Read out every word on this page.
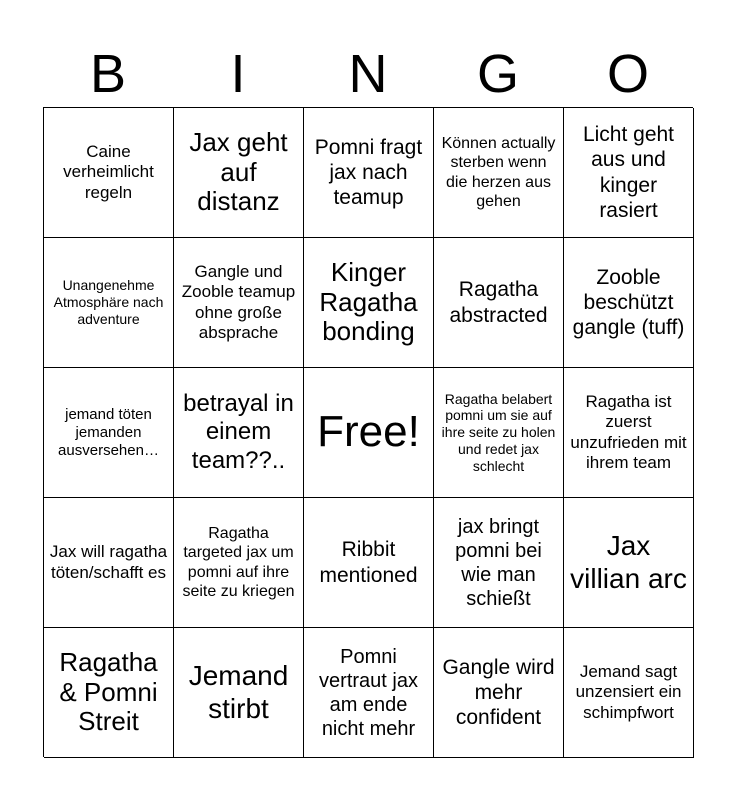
B	I	N	G	O
Caine verheimlicht regeln
Jax geht auf distanz
Pomni fragt jax nach teamup
Können actually sterben wenn die herzen aus gehen
Licht geht aus und kinger rasiert
Unangenehme Atmosphäre nach adventure
Gangle und Zooble teamup ohne große absprache
Kinger Ragatha bonding
Ragatha abstracted
Zooble beschützt gangle (tuff)
jemand töten jemanden ausversehen…
betrayal in einem team??..
Free!
Ragatha belabert pomni um sie auf ihre seite zu holen und redet jax schlecht
Ragatha ist zuerst unzufrieden mit ihrem team
Jax will ragatha töten/schafft es
Ragatha targeted jax um pomni auf ihre seite zu kriegen
Ribbit mentioned
jax bringt pomni bei wie man schießt
Jax villian arc
Ragatha & Pomni Streit
Jemand stirbt
Pomni vertraut jax am ende nicht mehr
Gangle wird mehr confident
Jemand sagt unzensiert ein schimpfwort
